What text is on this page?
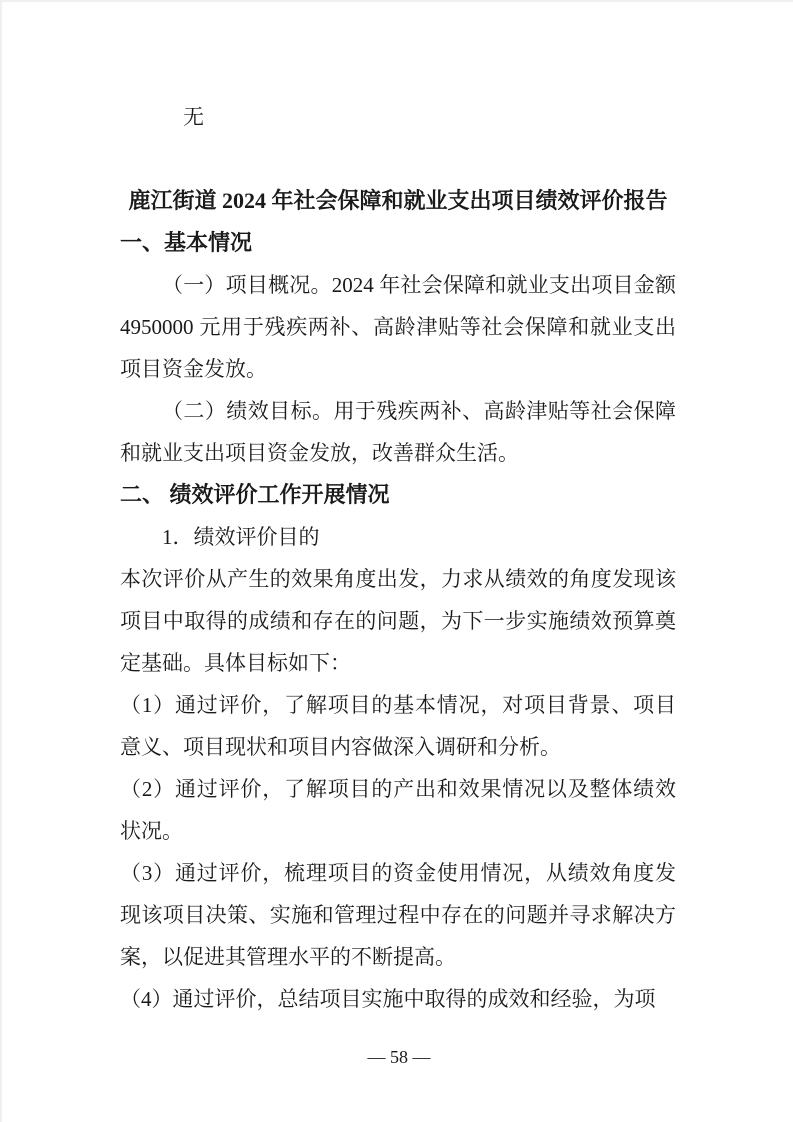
无

鹿江街道 2024 年社会保障和就业支出项目绩效评价报告

一、基本情况

（一）项目概况。2024 年社会保障和就业支出项目金额 4950000 元用于残疾两补、高龄津贴等社会保障和就业支出项目资金发放。

（二）绩效目标。用于残疾两补、高龄津贴等社会保障和就业支出项目资金发放，改善群众生活。

二、 绩效评价工作开展情况

1．绩效评价目的

本次评价从产生的效果角度出发，力求从绩效的角度发现该项目中取得的成绩和存在的问题，为下一步实施绩效预算奠定基础。具体目标如下：

（1）通过评价，了解项目的基本情况，对项目背景、项目意义、项目现状和项目内容做深入调研和分析。

（2）通过评价，了解项目的产出和效果情况以及整体绩效状况。

（3）通过评价，梳理项目的资金使用情况，从绩效角度发现该项目决策、实施和管理过程中存在的问题并寻求解决方案，以促进其管理水平的不断提高。

（4）通过评价，总结项目实施中取得的成效和经验，为项

— 58 —
